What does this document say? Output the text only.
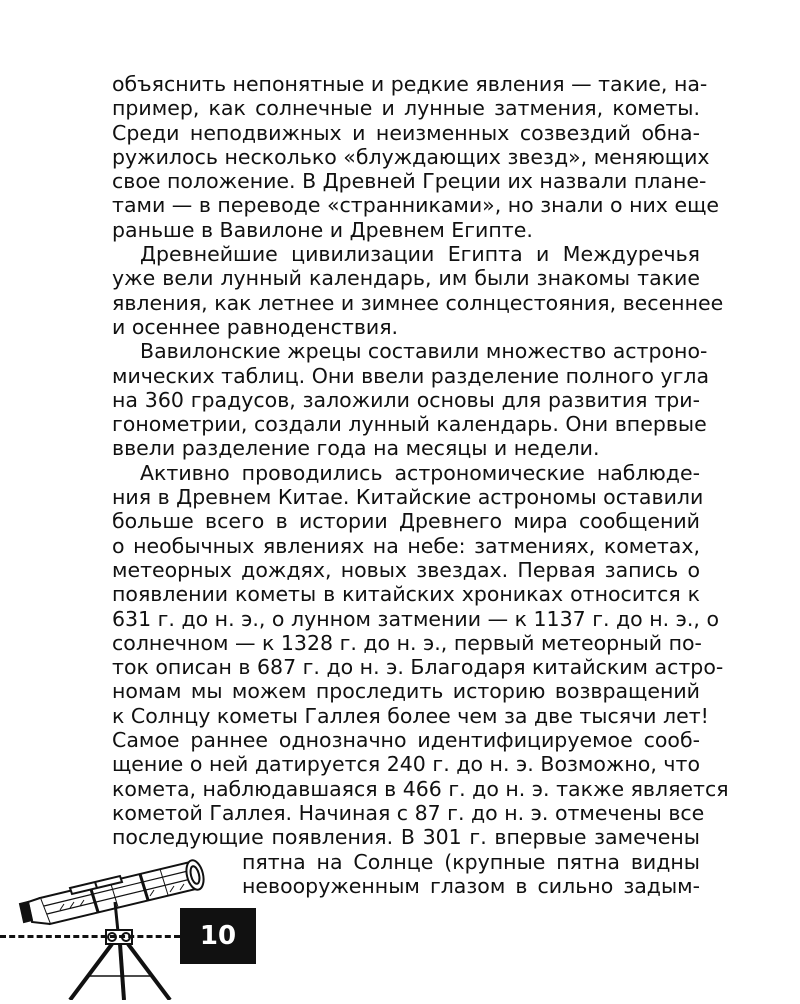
объяснить непонятные и редкие явления — такие, на-
пример, как солнечные и лунные затмения, кометы.
Среди неподвижных и неизменных созвездий обна-
ружилось несколько «блуждающих звезд», меняющих
свое положение. В Древней Греции их назвали плане-
тами — в переводе «странниками», но знали о них еще
раньше в Вавилоне и Древнем Египте.

Древнейшие цивилизации Египта и Междуречья
уже вели лунный календарь, им были знакомы такие
явления, как летнее и зимнее солнцестояния, весеннее
и осеннее равноденствия.

Вавилонские жрецы составили множество астроно-
мических таблиц. Они ввели разделение полного угла
на 360 градусов, заложили основы для развития три-
гонометрии, создали лунный календарь. Они впервые
ввели разделение года на месяцы и недели.

Активно проводились астрономические наблюде-
ния в Древнем Китае. Китайские астрономы оставили
больше всего в истории Древнего мира сообщений
о необычных явлениях на небе: затмениях, кометах,
метеорных дождях, новых звездах. Первая запись о
появлении кометы в китайских хрониках относится к
631 г. до н. э., о лунном затмении — к 1137 г. до н. э., о
солнечном — к 1328 г. до н. э., первый метеорный по-
ток описан в 687 г. до н. э. Благодаря китайским астро-
номам мы можем проследить историю возвращений
к Солнцу кометы Галлея более чем за две тысячи лет!
Самое раннее однозначно идентифицируемое сооб-
щение о ней датируется 240 г. до н. э. Возможно, что
комета, наблюдавшаяся в 466 г. до н. э. также является
кометой Галлея. Начиная с 87 г. до н. э. отмечены все
последующие появления. В 301 г. впервые замечены
пятна на Солнце (крупные пятна видны
невооруженным глазом в сильно задым-

10
